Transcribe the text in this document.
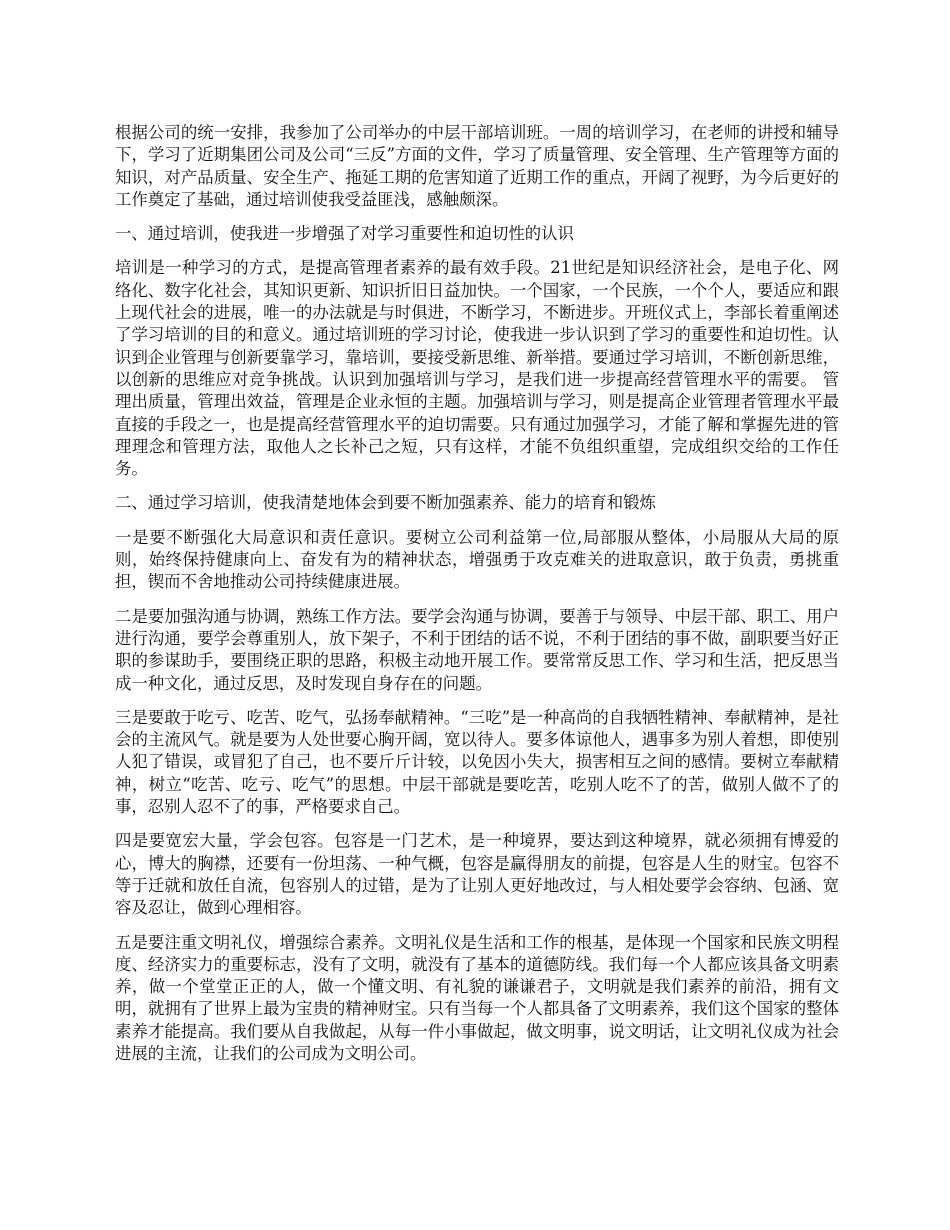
根据公司的统一安排，我参加了公司举办的中层干部培训班。一周的培训学习，在老师的讲授和辅导下，学习了近期集团公司及公司“三反”方面的文件，学习了质量管理、安全管理、生产管理等方面的知识，对产品质量、安全生产、拖延工期的危害知道了近期工作的重点，开阔了视野，为今后更好的工作奠定了基础，通过培训使我受益匪浅，感触颇深。

一、通过培训，使我进一步增强了对学习重要性和迫切性的认识

培训是一种学习的方式，是提高管理者素养的最有效手段。21世纪是知识经济社会，是电子化、网络化、数字化社会，其知识更新、知识折旧日益加快。一个国家，一个民族，一个个人，要适应和跟上现代社会的进展，唯一的办法就是与时俱进，不断学习，不断进步。开班仪式上，李部长着重阐述了学习培训的目的和意义。通过培训班的学习讨论，使我进一步认识到了学习的重要性和迫切性。认识到企业管理与创新要靠学习，靠培训，要接受新思维、新举措。要通过学习培训，不断创新思维，以创新的思维应对竞争挑战。认识到加强培训与学习，是我们进一步提高经营管理水平的需要。 管理出质量，管理出效益，管理是企业永恒的主题。加强培训与学习，则是提高企业管理者管理水平最直接的手段之一，也是提高经营管理水平的迫切需要。只有通过加强学习，才能了解和掌握先进的管理理念和管理方法，取他人之长补己之短，只有这样，才能不负组织重望，完成组织交给的工作任务。

二、通过学习培训，使我清楚地体会到要不断加强素养、能力的培育和锻炼

一是要不断强化大局意识和责任意识。要树立公司利益第一位,局部服从整体，小局服从大局的原则，始终保持健康向上、奋发有为的精神状态，增强勇于攻克难关的进取意识，敢于负责，勇挑重担，锲而不舍地推动公司持续健康进展。

二是要加强沟通与协调，熟练工作方法。要学会沟通与协调，要善于与领导、中层干部、职工、用户进行沟通，要学会尊重别人，放下架子，不利于团结的话不说，不利于团结的事不做，副职要当好正职的参谋助手，要围绕正职的思路，积极主动地开展工作。要常常反思工作、学习和生活，把反思当成一种文化，通过反思，及时发现自身存在的问题。

三是要敢于吃亏、吃苦、吃气，弘扬奉献精神。“三吃”是一种高尚的自我牺牲精神、奉献精神，是社会的主流风气。就是要为人处世要心胸开阔，宽以待人。要多体谅他人，遇事多为别人着想，即使别人犯了错误，或冒犯了自己，也不要斤斤计较，以免因小失大，损害相互之间的感情。要树立奉献精神，树立“吃苦、吃亏、吃气”的思想。中层干部就是要吃苦，吃别人吃不了的苦，做别人做不了的事，忍别人忍不了的事，严格要求自己。

四是要宽宏大量，学会包容。包容是一门艺术，是一种境界，要达到这种境界，就必须拥有博爱的心，博大的胸襟，还要有一份坦荡、一种气概，包容是赢得朋友的前提，包容是人生的财宝。包容不等于迁就和放任自流，包容别人的过错，是为了让别人更好地改过，与人相处要学会容纳、包涵、宽容及忍让，做到心理相容。

五是要注重文明礼仪，增强综合素养。文明礼仪是生活和工作的根基，是体现一个国家和民族文明程度、经济实力的重要标志，没有了文明，就没有了基本的道德防线。我们每一个人都应该具备文明素养，做一个堂堂正正的人，做一个懂文明、有礼貌的谦谦君子，文明就是我们素养的前沿，拥有文明，就拥有了世界上最为宝贵的精神财宝。只有当每一个人都具备了文明素养，我们这个国家的整体素养才能提高。我们要从自我做起，从每一件小事做起，做文明事，说文明话，让文明礼仪成为社会进展的主流，让我们的公司成为文明公司。
